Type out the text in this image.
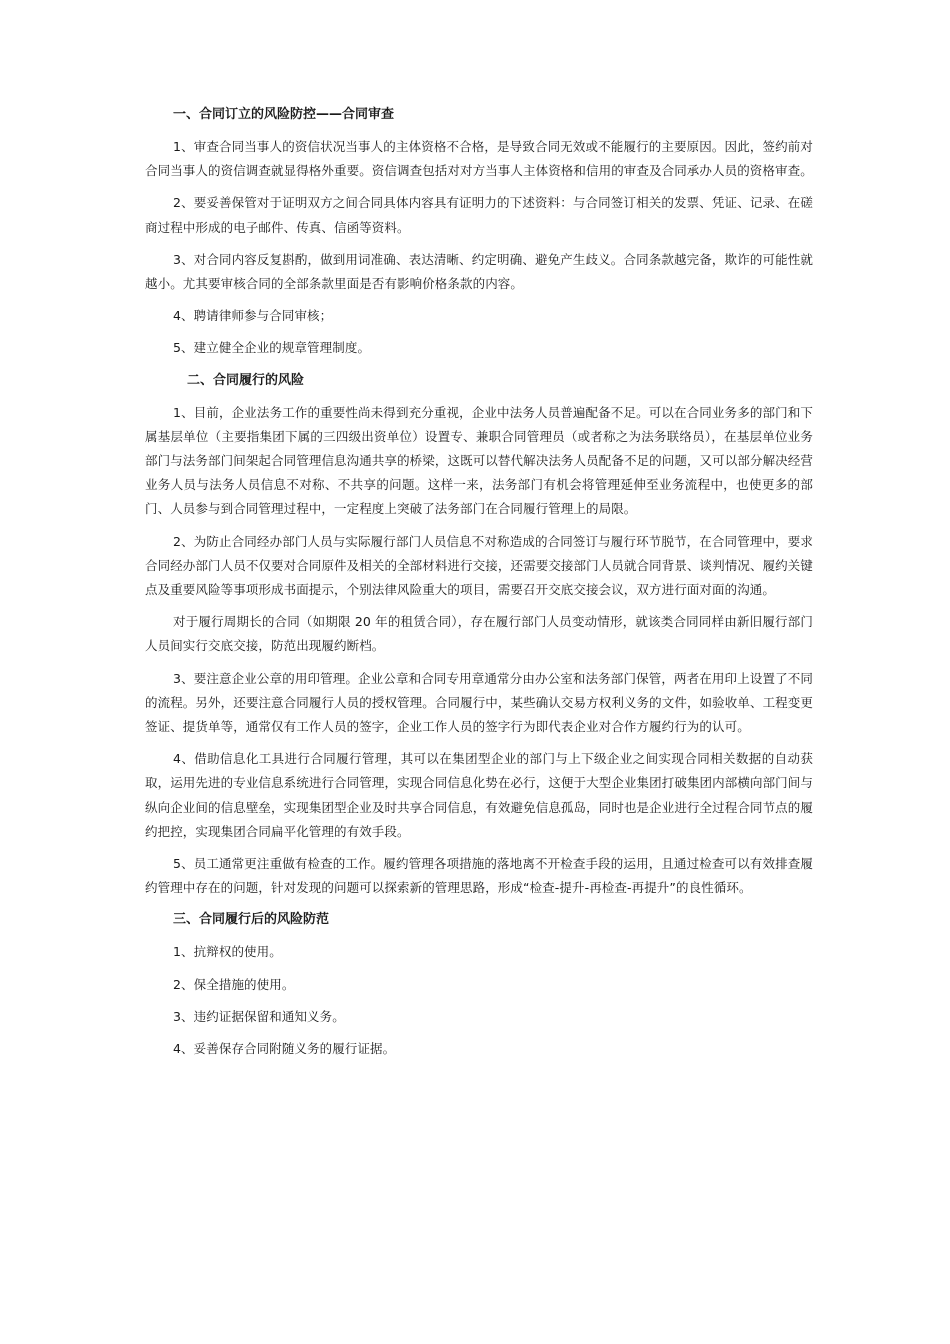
一、合同订立的风险防控——合同审查

1、审查合同当事人的资信状况当事人的主体资格不合格，是导致合同无效或不能履行的主要原因。因此，签约前对合同当事人的资信调查就显得格外重要。资信调查包括对对方当事人主体资格和信用的审查及合同承办人员的资格审查。

2、要妥善保管对于证明双方之间合同具体内容具有证明力的下述资料：与合同签订相关的发票、凭证、记录、在磋商过程中形成的电子邮件、传真、信函等资料。

3、对合同内容反复斟酌，做到用词准确、表达清晰、约定明确、避免产生歧义。合同条款越完备，欺诈的可能性就越小。尤其要审核合同的全部条款里面是否有影响价格条款的内容。

4、聘请律师参与合同审核；

5、建立健全企业的规章管理制度。

二、合同履行的风险

1、目前，企业法务工作的重要性尚未得到充分重视，企业中法务人员普遍配备不足。可以在合同业务多的部门和下属基层单位（主要指集团下属的三四级出资单位）设置专、兼职合同管理员（或者称之为法务联络员），在基层单位业务部门与法务部门间架起合同管理信息沟通共享的桥梁，这既可以替代解决法务人员配备不足的问题，又可以部分解决经营业务人员与法务人员信息不对称、不共享的问题。这样一来，法务部门有机会将管理延伸至业务流程中，也使更多的部门、人员参与到合同管理过程中，一定程度上突破了法务部门在合同履行管理上的局限。

2、为防止合同经办部门人员与实际履行部门人员信息不对称造成的合同签订与履行环节脱节，在合同管理中，要求合同经办部门人员不仅要对合同原件及相关的全部材料进行交接，还需要交接部门人员就合同背景、谈判情况、履约关键点及重要风险等事项形成书面提示，个别法律风险重大的项目，需要召开交底交接会议，双方进行面对面的沟通。

对于履行周期长的合同（如期限 20 年的租赁合同），存在履行部门人员变动情形，就该类合同同样由新旧履行部门人员间实行交底交接，防范出现履约断档。

3、要注意企业公章的用印管理。企业公章和合同专用章通常分由办公室和法务部门保管，两者在用印上设置了不同的流程。另外，还要注意合同履行人员的授权管理。合同履行中，某些确认交易方权利义务的文件，如验收单、工程变更签证、提货单等，通常仅有工作人员的签字，企业工作人员的签字行为即代表企业对合作方履约行为的认可。

4、借助信息化工具进行合同履行管理，其可以在集团型企业的部门与上下级企业之间实现合同相关数据的自动获取，运用先进的专业信息系统进行合同管理，实现合同信息化势在必行，这便于大型企业集团打破集团内部横向部门间与纵向企业间的信息壁垒，实现集团型企业及时共享合同信息，有效避免信息孤岛，同时也是企业进行全过程合同节点的履约把控，实现集团合同扁平化管理的有效手段。

5、员工通常更注重做有检查的工作。履约管理各项措施的落地离不开检查手段的运用，且通过检查可以有效排查履约管理中存在的问题，针对发现的问题可以探索新的管理思路，形成“检查-提升-再检查-再提升”的良性循环。

三、合同履行后的风险防范

1、抗辩权的使用。

2、保全措施的使用。

3、违约证据保留和通知义务。

4、妥善保存合同附随义务的履行证据。
